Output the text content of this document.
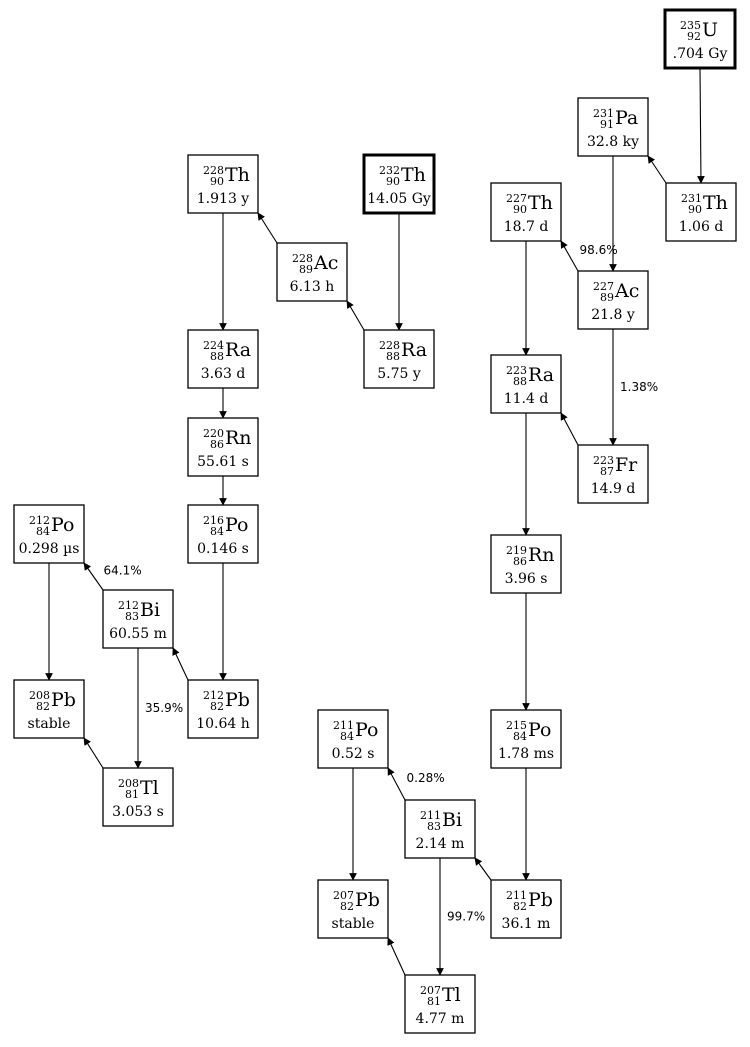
98.6%
1.38%
0.28%
99.7%
64.1%
35.9%
235
92 U
.704 Gy
231
91 Pa
32.8 ky
231
90 Th
1.06 d
227
90 Th
18.7 d
227
89 Ac
21.8 y
223
88 Ra
11.4 d
223
87 Fr
14.9 d
219
86 Rn
3.96 s
215
84 Po
1.78 ms
211
82 Pb
36.1 m
211
83 Bi
2.14 m
211
84 Po
0.52 s
207
81 Tl
4.77 m
207
82 Pb
stable
232
90 Th
14.05 Gy
228
88 Ra
5.75 y
228
89 Ac
6.13 h
228
90 Th
1.913 y
224
88 Ra
3.63 d
220
86 Rn
55.61 s
216
84 Po
0.146 s
212
82 Pb
10.64 h
212
83 Bi
60.55 m
212
84 Po
0.298 µs
208
81 Tl
3.053 s
208
82 Pb
stable
